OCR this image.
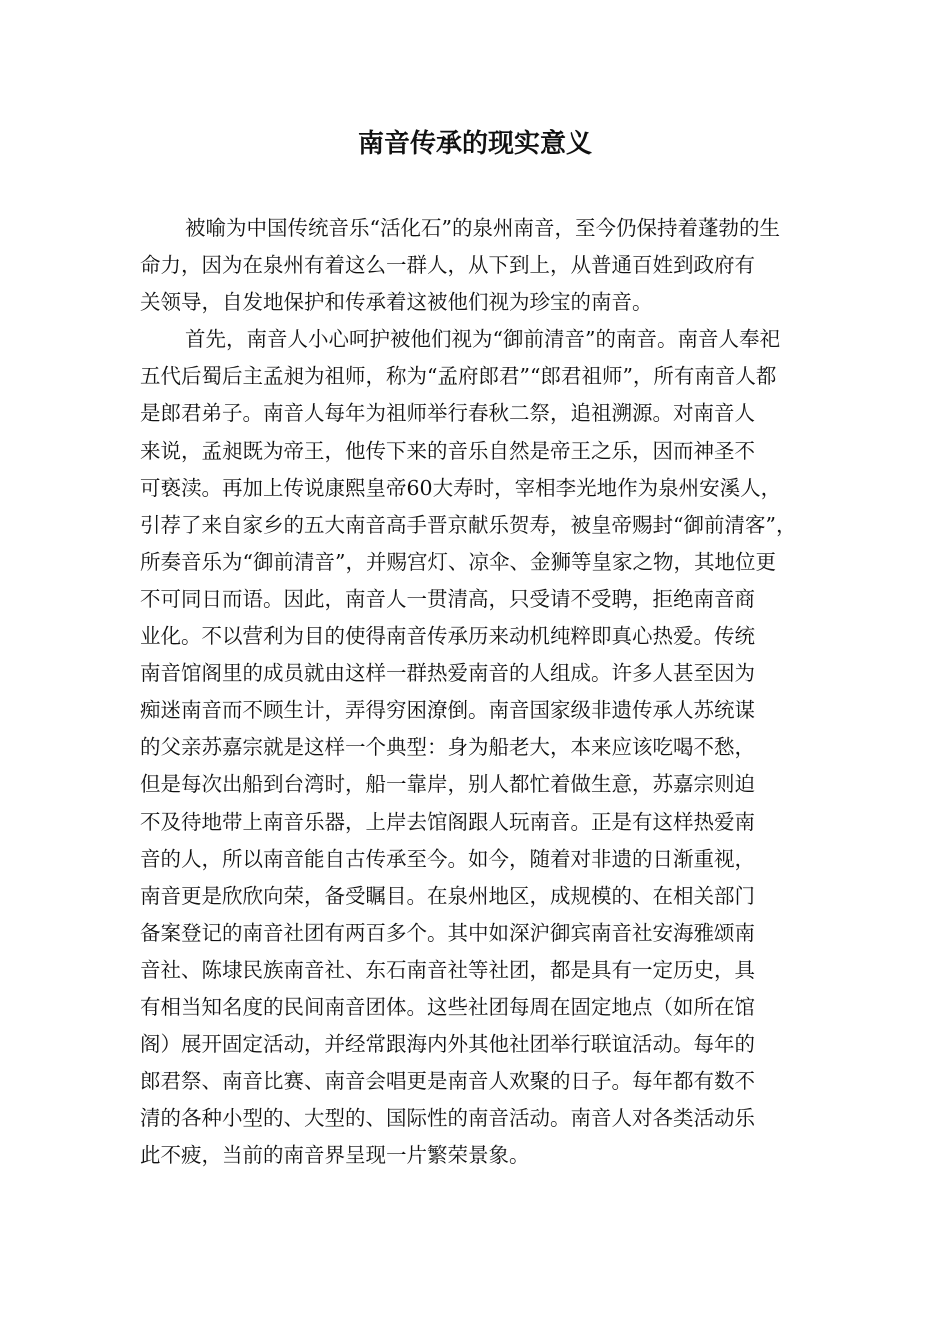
南音传承的现实意义
被喻为中国传统音乐“活化石”的泉州南音，至今仍保持着蓬勃的生
命力，因为在泉州有着这么一群人，从下到上，从普通百姓到政府有
关领导，自发地保护和传承着这被他们视为珍宝的南音。
首先，南音人小心呵护被他们视为“御前清音”的南音。南音人奉祀
五代后蜀后主孟昶为祖师，称为“孟府郎君”“郎君祖师”，所有南音人都
是郎君弟子。南音人每年为祖师举行春秋二祭，追祖溯源。对南音人
来说，孟昶既为帝王，他传下来的音乐自然是帝王之乐，因而神圣不
可亵渎。再加上传说康熙皇帝60大寿时，宰相李光地作为泉州安溪人，
引荐了来自家乡的五大南音高手晋京献乐贺寿，被皇帝赐封“御前清客”，
所奏音乐为“御前清音”，并赐宫灯、凉伞、金狮等皇家之物，其地位更
不可同日而语。因此，南音人一贯清高，只受请不受聘，拒绝南音商
业化。不以营利为目的使得南音传承历来动机纯粹即真心热爱。传统
南音馆阁里的成员就由这样一群热爱南音的人组成。许多人甚至因为
痴迷南音而不顾生计，弄得穷困潦倒。南音国家级非遗传承人苏统谋
的父亲苏嘉宗就是这样一个典型：身为船老大，本来应该吃喝不愁，
但是每次出船到台湾时，船一靠岸，别人都忙着做生意，苏嘉宗则迫
不及待地带上南音乐器，上岸去馆阁跟人玩南音。正是有这样热爱南
音的人，所以南音能自古传承至今。如今，随着对非遗的日渐重视，
南音更是欣欣向荣，备受瞩目。在泉州地区，成规模的、在相关部门
备案登记的南音社团有两百多个。其中如深沪御宾南音社安海雅颂南
音社、陈埭民族南音社、东石南音社等社团，都是具有一定历史，具
有相当知名度的民间南音团体。这些社团每周在固定地点（如所在馆
阁）展开固定活动，并经常跟海内外其他社团举行联谊活动。每年的
郎君祭、南音比赛、南音会唱更是南音人欢聚的日子。每年都有数不
清的各种小型的、大型的、国际性的南音活动。南音人对各类活动乐
此不疲，当前的南音界呈现一片繁荣景象。
